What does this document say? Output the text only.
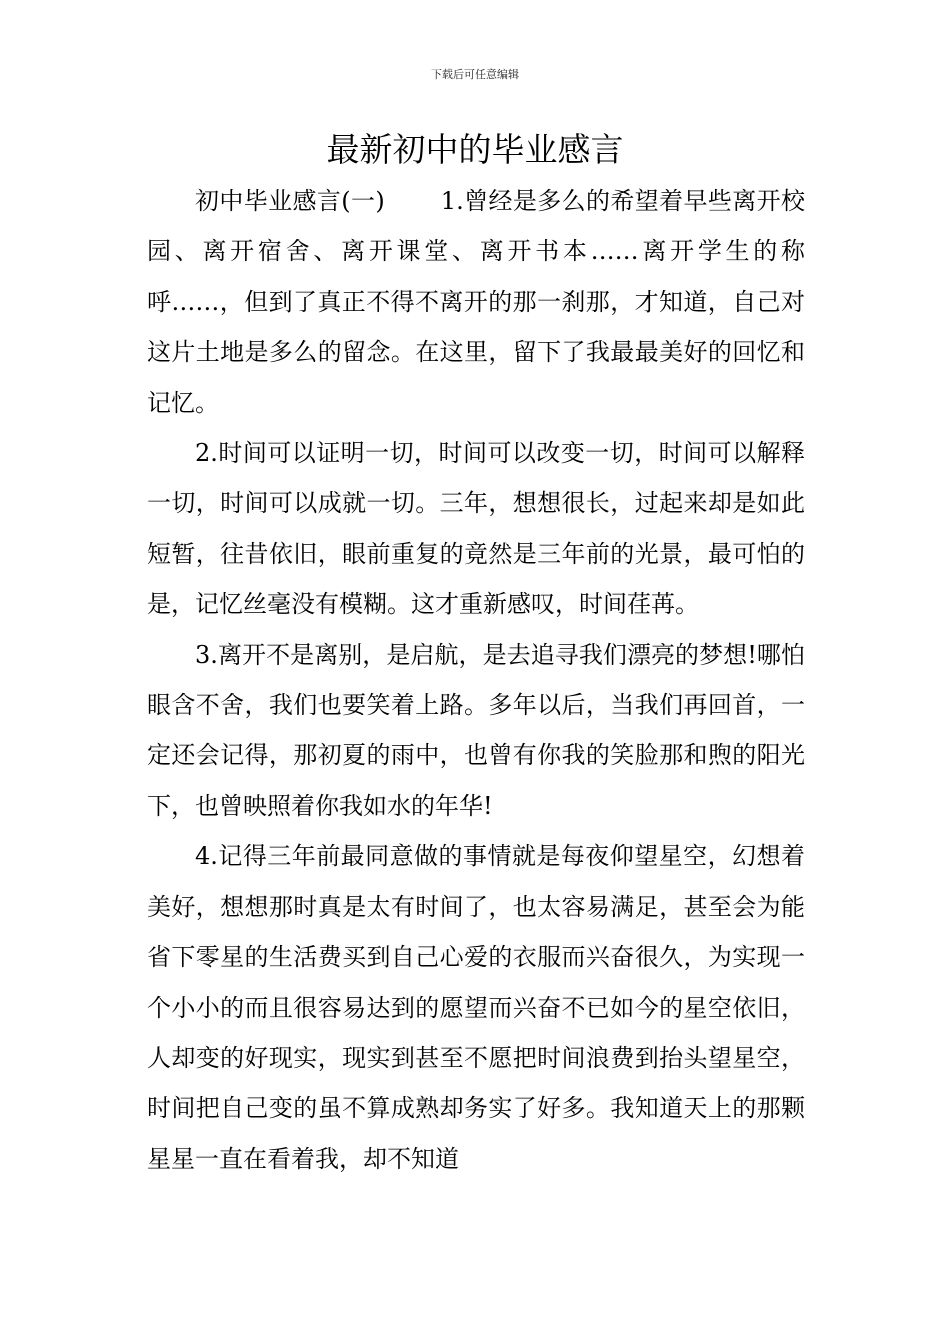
下载后可任意编辑
最新初中的毕业感言

初中毕业感言(一) 1.曾经是多么的希望着早些离开校园、离开宿舍、离开课堂、离开书本……离开学生的称呼……，但到了真正不得不离开的那一刹那，才知道，自己对这片土地是多么的留念。在这里，留下了我最最美好的回忆和记忆。

2.时间可以证明一切，时间可以改变一切，时间可以解释一切，时间可以成就一切。三年，想想很长，过起来却是如此短暂，往昔依旧，眼前重复的竟然是三年前的光景，最可怕的是，记忆丝毫没有模糊。这才重新感叹，时间荏苒。

3.离开不是离别，是启航，是去追寻我们漂亮的梦想!哪怕眼含不舍，我们也要笑着上路。多年以后，当我们再回首，一定还会记得，那初夏的雨中，也曾有你我的笑脸那和煦的阳光下，也曾映照着你我如水的年华!

4.记得三年前最同意做的事情就是每夜仰望星空，幻想着美好，想想那时真是太有时间了，也太容易满足，甚至会为能省下零星的生活费买到自己心爱的衣服而兴奋很久，为实现一个小小的而且很容易达到的愿望而兴奋不已如今的星空依旧，人却变的好现实，现实到甚至不愿把时间浪费到抬头望星空，时间把自己变的虽不算成熟却务实了好多。我知道天上的那颗星星一直在看着我，却不知道
